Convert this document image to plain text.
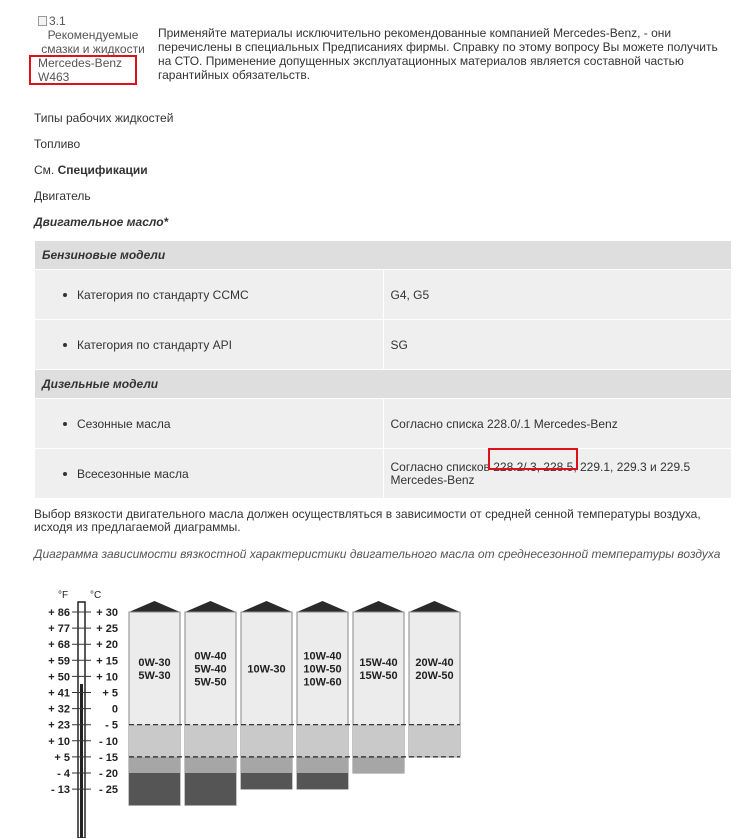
3.1
Рекомендуемые
смазки и жидкости
Mercedes-Benz
W463
Применяйте материалы исключительно рекомендованные компанией Mercedes-Benz, - они перечислены в специальных Предписаниях фирмы. Справку по этому вопросу Вы можете получить на СТО. Применение допущенных эксплуатационных материалов является составной частью гарантийных обязательств.
Типы рабочих жидкостей
Топливо
См. Спецификации
Двигатель
Двигательное масло*
Бензиновые модели	
Категория по стандарту CCMC	G4, G5
Категория по стандарту API	SG
Дизельные модели	
Сезонные масла	Согласно списка 228.0/.1 Mercedes-Benz
Всесезонные масла	Согласно списков 228.2/.3, 228.5, 229.1, 229.3 и 229.5
Mercedes-Benz
Выбор вязкости двигательного масла должен осуществляться в зависимости от средней сенной температуры воздуха, исходя из предлагаемой диаграммы.
Диаграмма зависимости вязкостной характеристики двигательного масла от среднесезонной температуры воздуха
°F °C
+ 86 + 30
+ 77 + 25
+ 68 + 20
+ 59 + 15
+ 50 + 10
+ 41	+ 5
+ 32	0
+ 23	- 5
+ 10	- 10
+ 5	- 15
- 4	- 20
- 13	- 25
0W-30
5W-30
0W-40
5W-40
5W-50
10W-30
10W-40
10W-50
10W-60
15W-40
15W-50
20W-40
20W-50
